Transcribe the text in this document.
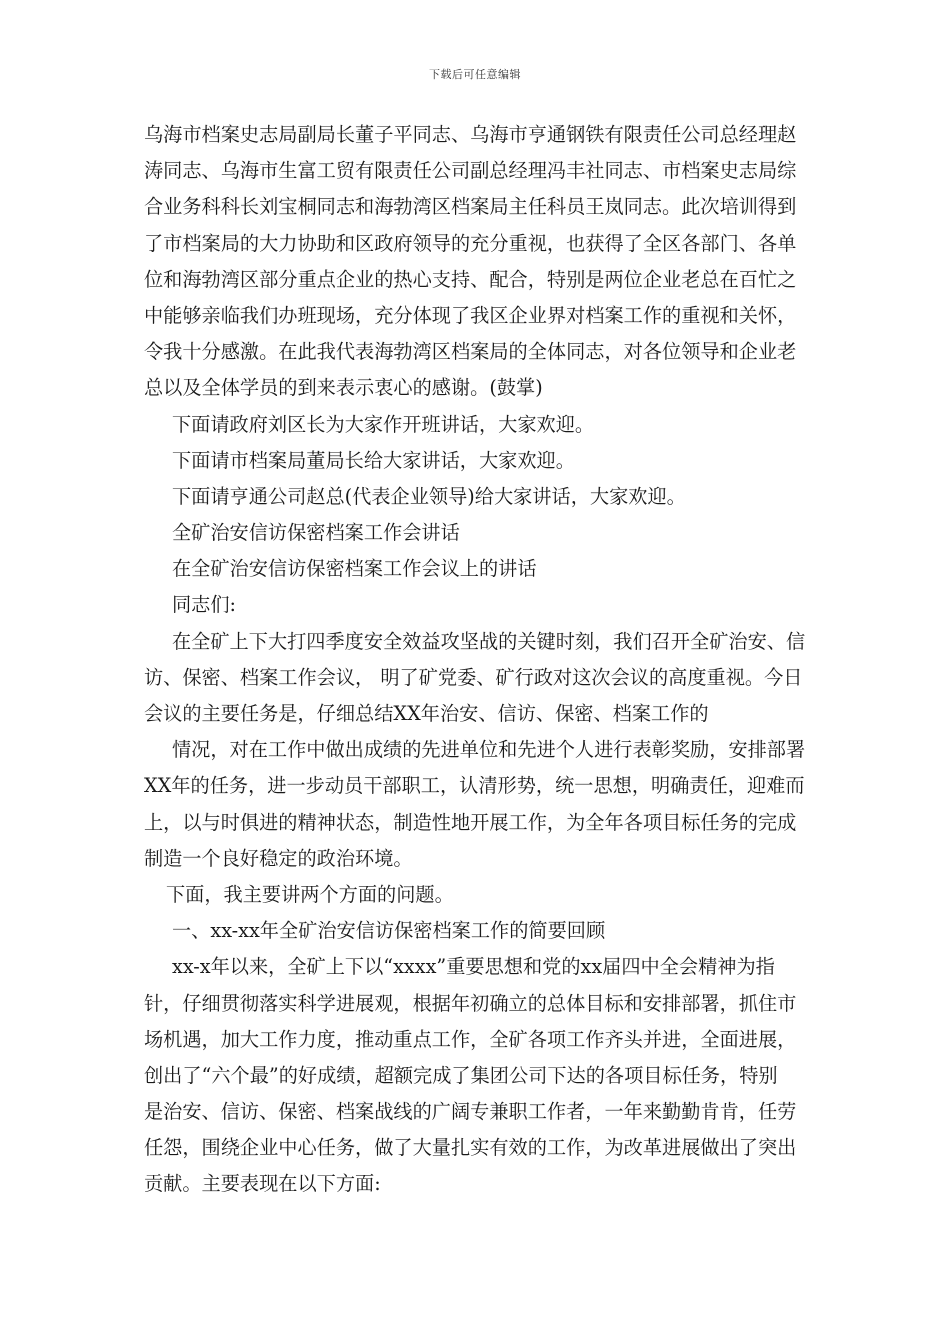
下载后可任意编辑
乌海市档案史志局副局长董子平同志、乌海市亨通钢铁有限责任公司总经理赵
涛同志、乌海市生富工贸有限责任公司副总经理冯丰社同志、市档案史志局综
合业务科科长刘宝桐同志和海勃湾区档案局主任科员王岚同志。此次培训得到
了市档案局的大力协助和区政府领导的充分重视，也获得了全区各部门、各单
位和海勃湾区部分重点企业的热心支持、配合，特别是两位企业老总在百忙之
中能够亲临我们办班现场，充分体现了我区企业界对档案工作的重视和关怀，
令我十分感激。在此我代表海勃湾区档案局的全体同志，对各位领导和企业老
总以及全体学员的到来表示衷心的感谢。(鼓掌)
下面请政府刘区长为大家作开班讲话，大家欢迎。
下面请市档案局董局长给大家讲话，大家欢迎。
下面请亨通公司赵总(代表企业领导)给大家讲话，大家欢迎。
全矿治安信访保密档案工作会讲话
在全矿治安信访保密档案工作会议上的讲话
同志们:
在全矿上下大打四季度安全效益攻坚战的关键时刻，我们召开全矿治安、信
访、保密、档案工作会议， 明了矿党委、矿行政对这次会议的高度重视。今日
会议的主要任务是，仔细总结XX年治安、信访、保密、档案工作的
情况，对在工作中做出成绩的先进单位和先进个人进行表彰奖励，安排部署
XX年的任务，进一步动员干部职工，认清形势，统一思想，明确责任，迎难而
上，以与时俱进的精神状态，制造性地开展工作，为全年各项目标任务的完成
制造一个良好稳定的政治环境。
下面，我主要讲两个方面的问题。
一、xx-xx年全矿治安信访保密档案工作的简要回顾
xx-x年以来，全矿上下以“xxxx”重要思想和党的xx届四中全会精神为指
针，仔细贯彻落实科学进展观，根据年初确立的总体目标和安排部署，抓住市
场机遇，加大工作力度，推动重点工作，全矿各项工作齐头并进，全面进展，
创出了“六个最”的好成绩，超额完成了集团公司下达的各项目标任务，特别
是治安、信访、保密、档案战线的广阔专兼职工作者，一年来勤勤肯肯，任劳
任怨，围绕企业中心任务，做了大量扎实有效的工作，为改革进展做出了突出
贡献。主要表现在以下方面:
